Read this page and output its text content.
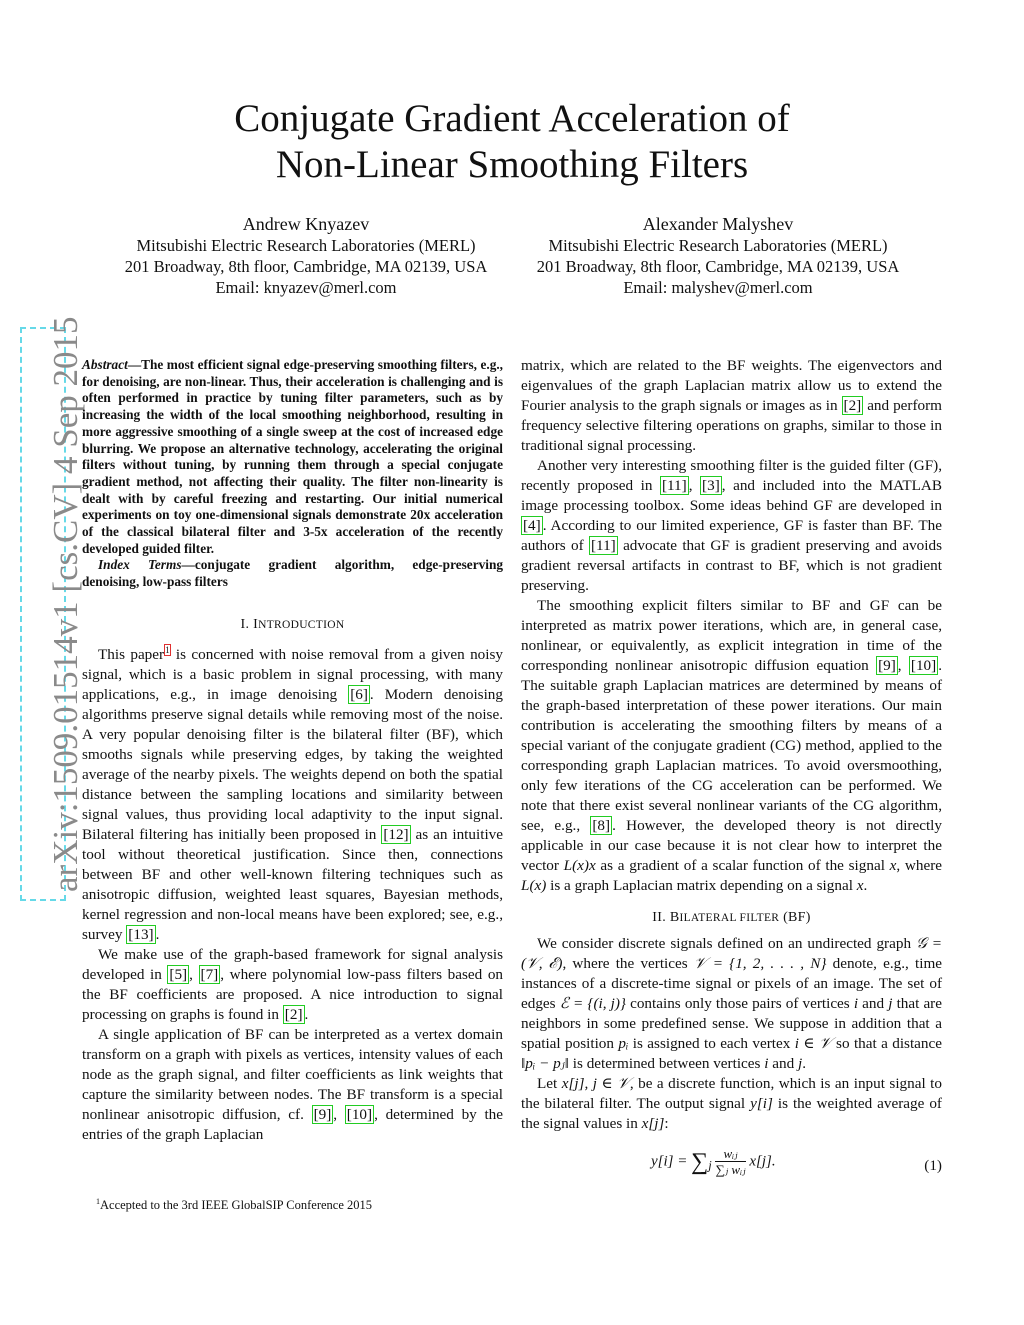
Conjugate Gradient Acceleration of
Non-Linear Smoothing Filters
Andrew Knyazev
Mitsubishi Electric Research Laboratories (MERL)
201 Broadway, 8th floor, Cambridge, MA 02139, USA
Email: knyazev@merl.com
Alexander Malyshev
Mitsubishi Electric Research Laboratories (MERL)
201 Broadway, 8th floor, Cambridge, MA 02139, USA
Email: malyshev@merl.com
arXiv:1509.01514v1 [cs.CV] 4 Sep 2015

Abstract—The most efficient signal edge-preserving smoothing filters, e.g., for denoising, are non-linear. Thus, their acceleration is challenging and is often performed in practice by tuning filter parameters, such as by increasing the width of the local smoothing neighborhood, resulting in more aggressive smoothing of a single sweep at the cost of increased edge blurring. We propose an alternative technology, accelerating the original filters without tuning, by running them through a special conjugate gradient method, not affecting their quality. The filter non-linearity is dealt with by careful freezing and restarting. Our initial numerical experiments on toy one-dimensional signals demonstrate 20x acceleration of the classical bilateral filter and 3-5x acceleration of the recently developed guided filter.

Index Terms—conjugate gradient algorithm, edge-preserving denoising, low-pass filters

I. INTRODUCTION

This paper$^1$ is concerned with noise removal from a given noisy signal, which is a basic problem in signal processing, with many applications, e.g., in image denoising [6] . Modern denoising algorithms preserve signal details while removing most of the noise. A very popular denoising filter is the bilateral filter (BF), which smooths signals while preserving edges, by taking the weighted average of the nearby pixels. The weights depend on both the spatial distance between the sampling locations and similarity between signal values, thus providing local adaptivity to the input signal. Bilateral filtering has initially been proposed in [12] as an intuitive tool without theoretical justification. Since then, connections between BF and other well-known filtering techniques such as anisotropic diffusion, weighted least squares, Bayesian methods, kernel regression and non-local means have been explored; see, e.g., survey [13] .

We make use of the graph-based framework for signal analysis developed in [5] , [7] , where polynomial low-pass filters based on the BF coefficients are proposed. A nice introduction to signal processing on graphs is found in [2] .

A single application of BF can be interpreted as a vertex domain transform on a graph with pixels as vertices, intensity values of each node as the graph signal, and filter coefficients as link weights that capture the similarity between nodes. The BF transform is a special nonlinear anisotropic diffusion, cf. [9] , [10] , determined by the entries of the graph Laplacian

$^1$Accepted to the 3rd IEEE GlobalSIP Conference 2015

matrix, which are related to the BF weights. The eigenvectors and eigenvalues of the graph Laplacian matrix allow us to extend the Fourier analysis to the graph signals or images as in [2] and perform frequency selective filtering operations on graphs, similar to those in traditional signal processing.

Another very interesting smoothing filter is the guided filter (GF), recently proposed in [11] , [3] , and included into the MATLAB image processing toolbox. Some ideas behind GF are developed in [4] . According to our limited experience, GF is faster than BF. The authors of [11] advocate that GF is gradient preserving and avoids gradient reversal artifacts in contrast to BF, which is not gradient preserving.

The smoothing explicit filters similar to BF and GF can be interpreted as matrix power iterations, which are, in general case, nonlinear, or equivalently, as explicit integration in time of the corresponding nonlinear anisotropic diffusion equation [9] , [10] . The suitable graph Laplacian matrices are determined by means of the graph-based interpretation of these power iterations. Our main contribution is accelerating the smoothing filters by means of a special variant of the conjugate gradient (CG) method, applied to the corresponding graph Laplacian matrices. To avoid oversmoothing, only few iterations of the CG acceleration can be performed. We note that there exist several nonlinear variants of the CG algorithm, see, e.g., [8] . However, the developed theory is not directly applicable in our case because it is not clear how to interpret the vector L(x)x as a gradient of a scalar function of the signal x, where L(x) is a graph Laplacian matrix depending on a signal x.

II. BILATERAL FILTER (BF)

We consider discrete signals defined on an undirected graph 𝒢 = (𝒱, ℰ), where the vertices 𝒱 = {1, 2, . . . , N} denote, e.g., time instances of a discrete-time signal or pixels of an image. The set of edges ℰ = {(i, j)} contains only those pairs of vertices i and j that are neighbors in some predefined sense. We suppose in addition that a spatial position pᵢ is assigned to each vertex i ∈ 𝒱 so that a distance ‖pᵢ − pⱼ‖ is determined between vertices i and j.

Let x[j], j ∈ 𝒱, be a discrete function, which is an input signal to the bilateral filter. The output signal y[i] is the weighted average of the signal values in x[j]:

$y[i] = \sum_j \frac{\text{wᵢⱼ}}{\text{∑ⱼ wᵢⱼ}} x[j]$.	(1)
